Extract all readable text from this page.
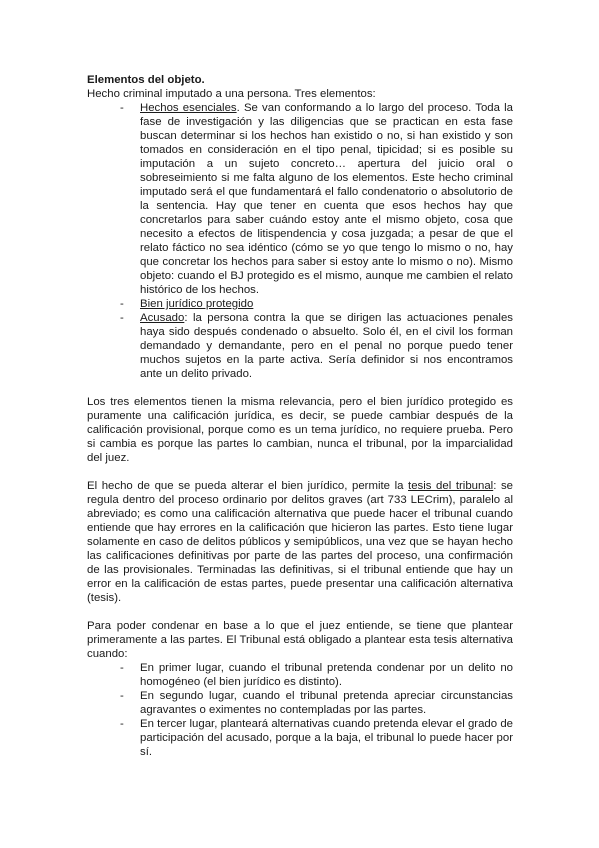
Elementos del objeto.

Hecho criminal imputado a una persona. Tres elementos:

- Hechos esenciales. Se van conformando a lo largo del proceso. Toda la fase de investigación y las diligencias que se practican en esta fase buscan determinar si los hechos han existido o no, si han existido y son tomados en consideración en el tipo penal, tipicidad; si es posible su imputación a un sujeto concreto… apertura del juicio oral o sobreseimiento si me falta alguno de los elementos. Este hecho criminal imputado será el que fundamentará el fallo condenatorio o absolutorio de la sentencia. Hay que tener en cuenta que esos hechos hay que concretarlos para saber cuándo estoy ante el mismo objeto, cosa que necesito a efectos de litispendencia y cosa juzgada; a pesar de que el relato fáctico no sea idéntico (cómo se yo que tengo lo mismo o no, hay que concretar los hechos para saber si estoy ante lo mismo o no). Mismo objeto: cuando el BJ protegido es el mismo, aunque me cambien el relato histórico de los hechos.
- Bien jurídico protegido
- Acusado: la persona contra la que se dirigen las actuaciones penales haya sido después condenado o absuelto. Solo él, en el civil los forman demandado y demandante, pero en el penal no porque puedo tener muchos sujetos en la parte activa. Sería definidor si nos encontramos ante un delito privado.

Los tres elementos tienen la misma relevancia, pero el bien jurídico protegido es puramente una calificación jurídica, es decir, se puede cambiar después de la calificación provisional, porque como es un tema jurídico, no requiere prueba. Pero si cambia es porque las partes lo cambian, nunca el tribunal, por la imparcialidad del juez.

El hecho de que se pueda alterar el bien jurídico, permite la tesis del tribunal: se regula dentro del proceso ordinario por delitos graves (art 733 LECrim), paralelo al abreviado; es como una calificación alternativa que puede hacer el tribunal cuando entiende que hay errores en la calificación que hicieron las partes. Esto tiene lugar solamente en caso de delitos públicos y semipúblicos, una vez que se hayan hecho las calificaciones definitivas por parte de las partes del proceso, una confirmación de las provisionales. Terminadas las definitivas, si el tribunal entiende que hay un error en la calificación de estas partes, puede presentar una calificación alternativa (tesis).

Para poder condenar en base a lo que el juez entiende, se tiene que plantear primeramente a las partes. El Tribunal está obligado a plantear esta tesis alternativa cuando:

- En primer lugar, cuando el tribunal pretenda condenar por un delito no homogéneo (el bien jurídico es distinto).
- En segundo lugar, cuando el tribunal pretenda apreciar circunstancias agravantes o eximentes no contempladas por las partes.
- En tercer lugar, planteará alternativas cuando pretenda elevar el grado de participación del acusado, porque a la baja, el tribunal lo puede hacer por sí.
